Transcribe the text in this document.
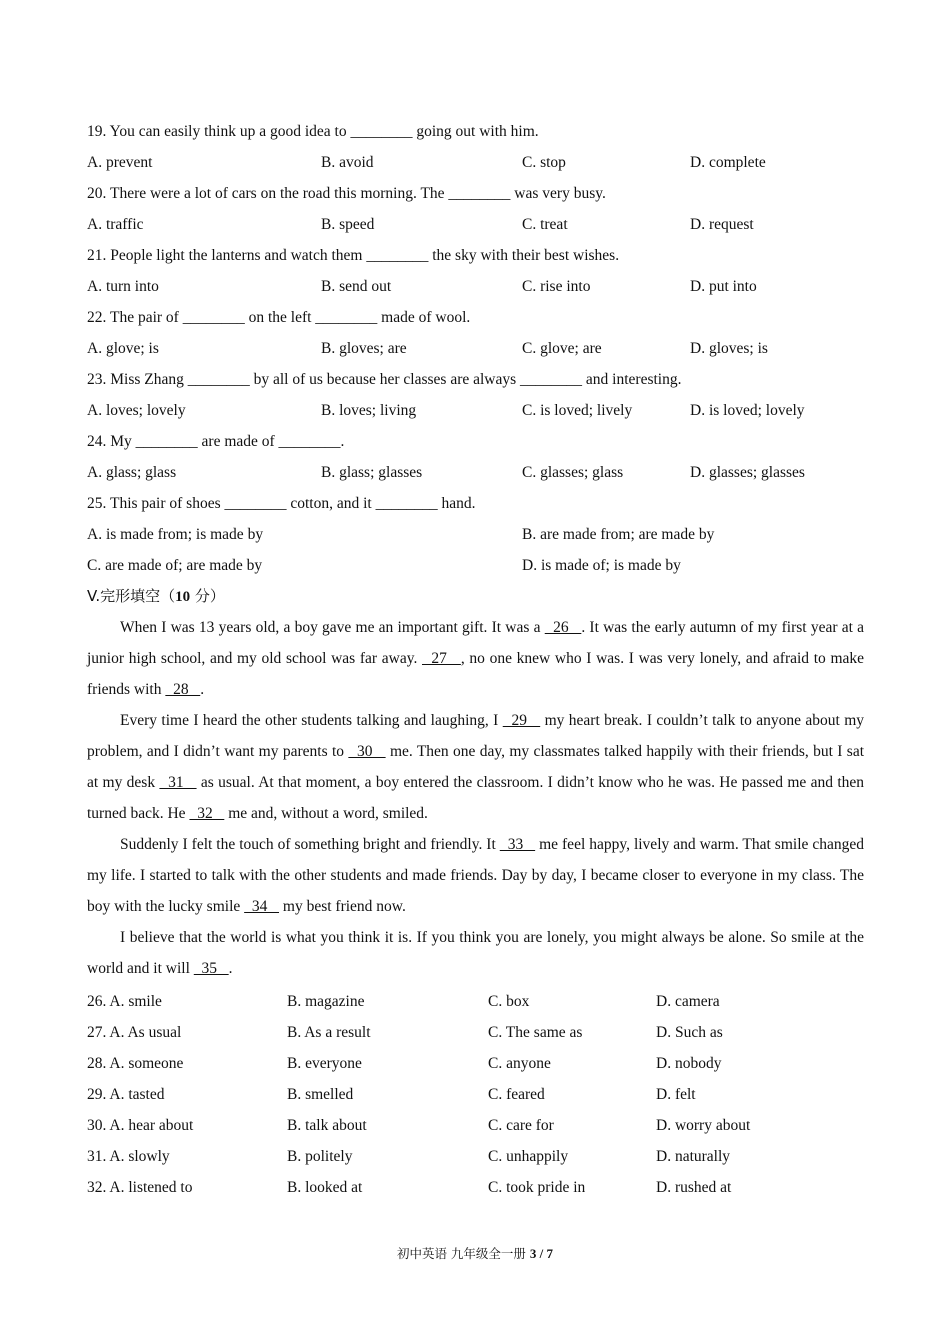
19. You can easily think up a good idea to ________ going out with him.
A. prevent	B. avoid	C. stop	D. complete
20. There were a lot of cars on the road this morning. The ________ was very busy.
A. traffic	B. speed	C. treat	D. request
21. People light the lanterns and watch them ________ the sky with their best wishes.
A. turn into	B. send out	C. rise into	D. put into
22. The pair of ________ on the left ________ made of wool.
A. glove; is	B. gloves; are	C. glove; are	D. gloves; is
23. Miss Zhang ________ by all of us because her classes are always ________ and interesting.
A. loves; lovely	B. loves; living	C. is loved; lively	D. is loved; lovely
24. My ________ are made of ________.
A. glass; glass	B. glass; glasses	C. glasses; glass	D. glasses; glasses
25. This pair of shoes ________ cotton, and it ________ hand.
A. is made from; is made by	B. are made from; are made by
C. are made of; are made by	D. is made of; is made by
V.完形填空（10 分）
When I was 13 years old, a boy gave me an important gift. It was a   26   . It was the early autumn of my first year at a junior high school, and my old school was far away.   27   , no one knew who I was. I was very lonely, and afraid to make friends with   28   .
Every time I heard the other students talking and laughing, I   29    my heart break. I couldn’t talk to anyone about my problem, and I didn’t want my parents to   30    me. Then one day, my classmates talked happily with their friends, but I sat at my desk   31    as usual. At that moment, a boy entered the classroom. I didn’t know who he was. He passed me and then turned back. He   32    me and, without a word, smiled.
Suddenly I felt the touch of something bright and friendly. It   33    me feel happy, lively and warm. That smile changed my life. I started to talk with the other students and made friends. Day by day, I became closer to everyone in my class. The boy with the lucky smile   34    my best friend now.
I believe that the world is what you think it is. If you think you are lonely, you might always be alone. So smile at the world and it will   35   .
26. A. smile	B. magazine	C. box	D. camera
27. A. As usual	B. As a result	C. The same as	D. Such as
28. A. someone	B. everyone	C. anyone	D. nobody
29. A. tasted	B. smelled	C. feared	D. felt
30. A. hear about	B. talk about	C. care for	D. worry about
31. A. slowly	B. politely	C. unhappily	D. naturally
32. A. listened to	B. looked at	C. took pride in	D. rushed at
初中英语 九年级全一册 3 / 7
